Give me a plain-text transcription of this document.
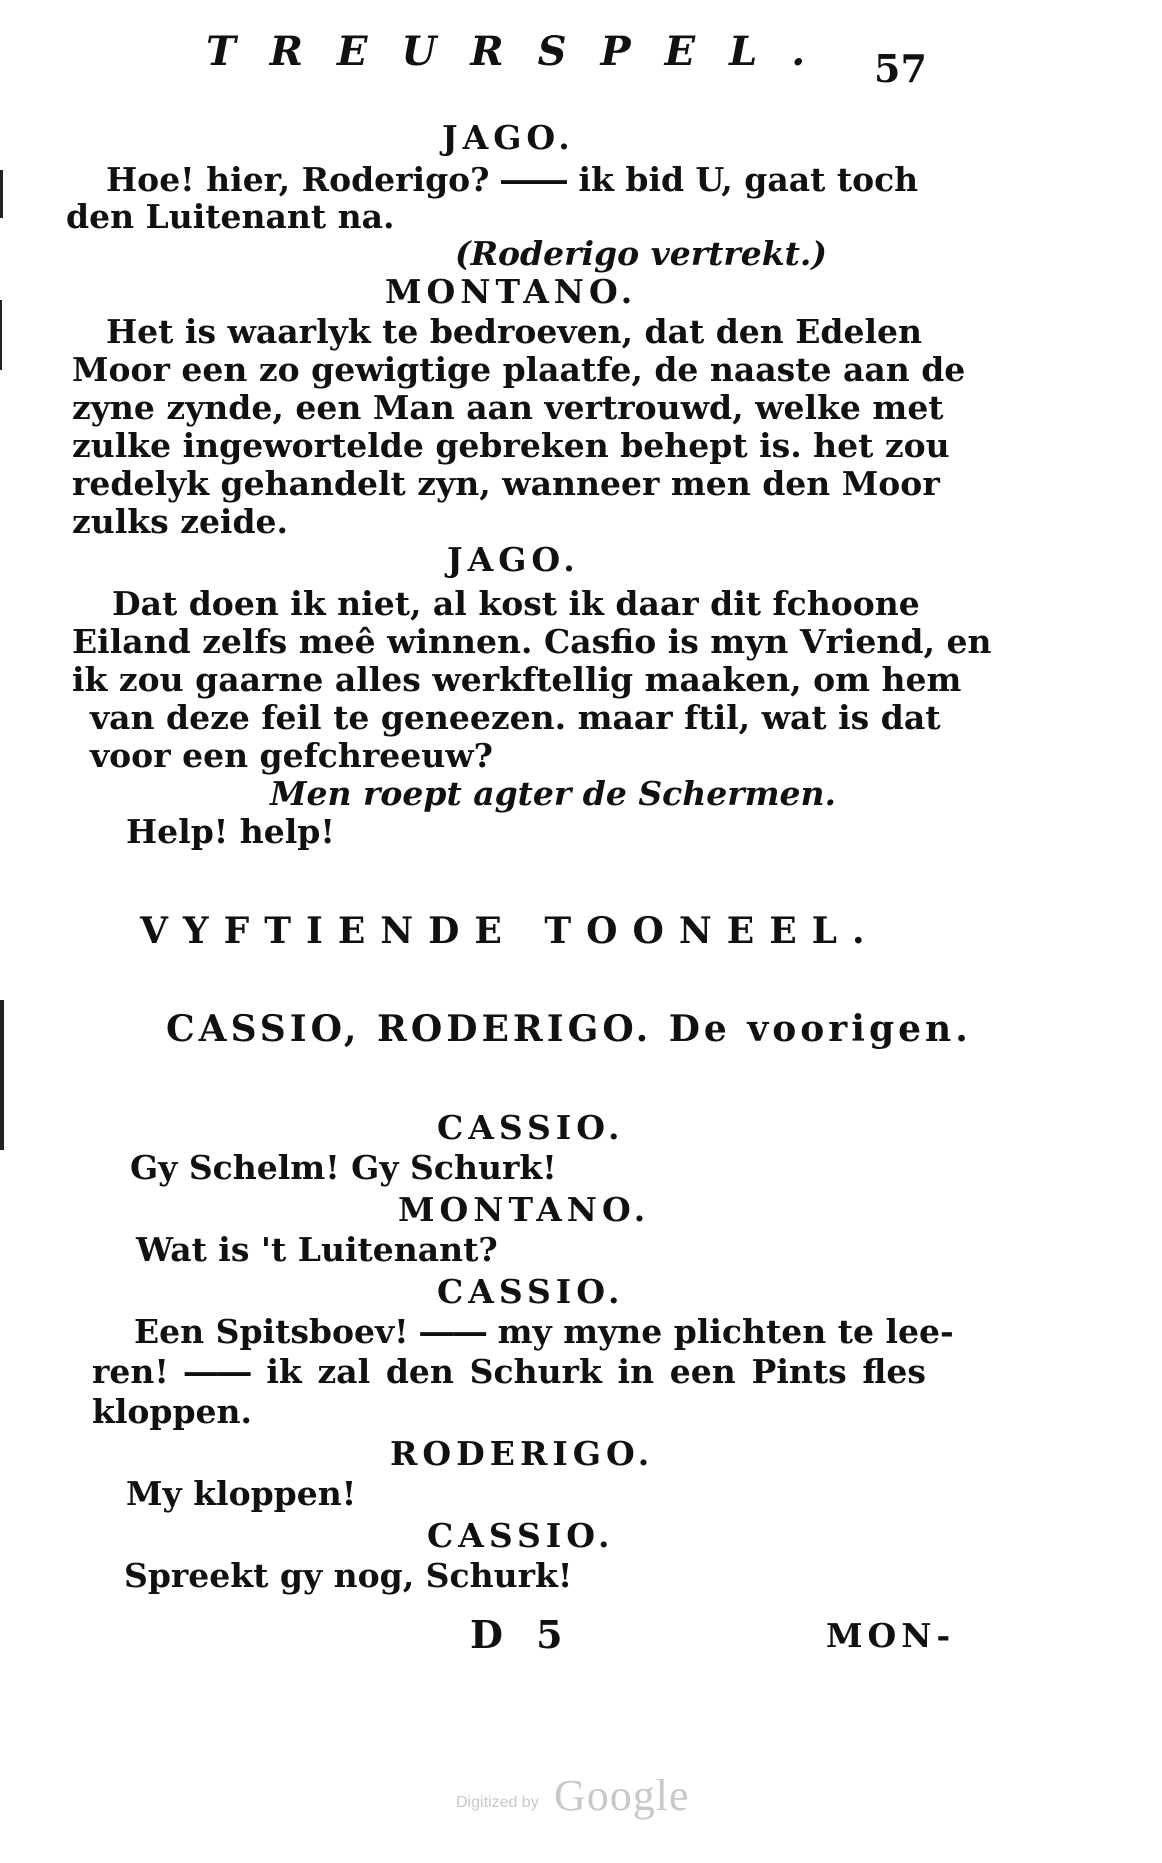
TREURSPEL. 57
JAGO.
Hoe! hier, Roderigo? ―― ik bid U, gaat toch
den Luitenant na.
(Roderigo vertrekt.)
MONTANO.
Het is waarlyk te bedroeven, dat den Edelen
Moor een zo gewigtige plaatfe, de naaste aan de
zyne zynde, een Man aan vertrouwd, welke met
zulke ingewortelde gebreken behept is. het zou
redelyk gehandelt zyn, wanneer men den Moor
zulks zeide.
JAGO.
Dat doen ik niet, al kost ik daar dit fchoone
Eiland zelfs meê winnen. Casfio is myn Vriend, en
ik zou gaarne alles werkftellig maaken, om hem
van deze feil te geneezen. maar ftil, wat is dat
voor een gefchreeuw?
Men roept agter de Schermen.
Help! help!
VYFTIENDE TOONEEL.
CASSIO, RODERIGO. De voorigen.
CASSIO.
Gy Schelm! Gy Schurk!
MONTANO.
Wat is 't Luitenant?
CASSIO.
Een Spitsboev! ―― my myne plichten te lee-
ren! ―― ik zal den Schurk in een Pints fles
kloppen.
RODERIGO.
My kloppen!
CASSIO.
Spreekt gy nog, Schurk!
D 5	MON-
Digitized by Google
